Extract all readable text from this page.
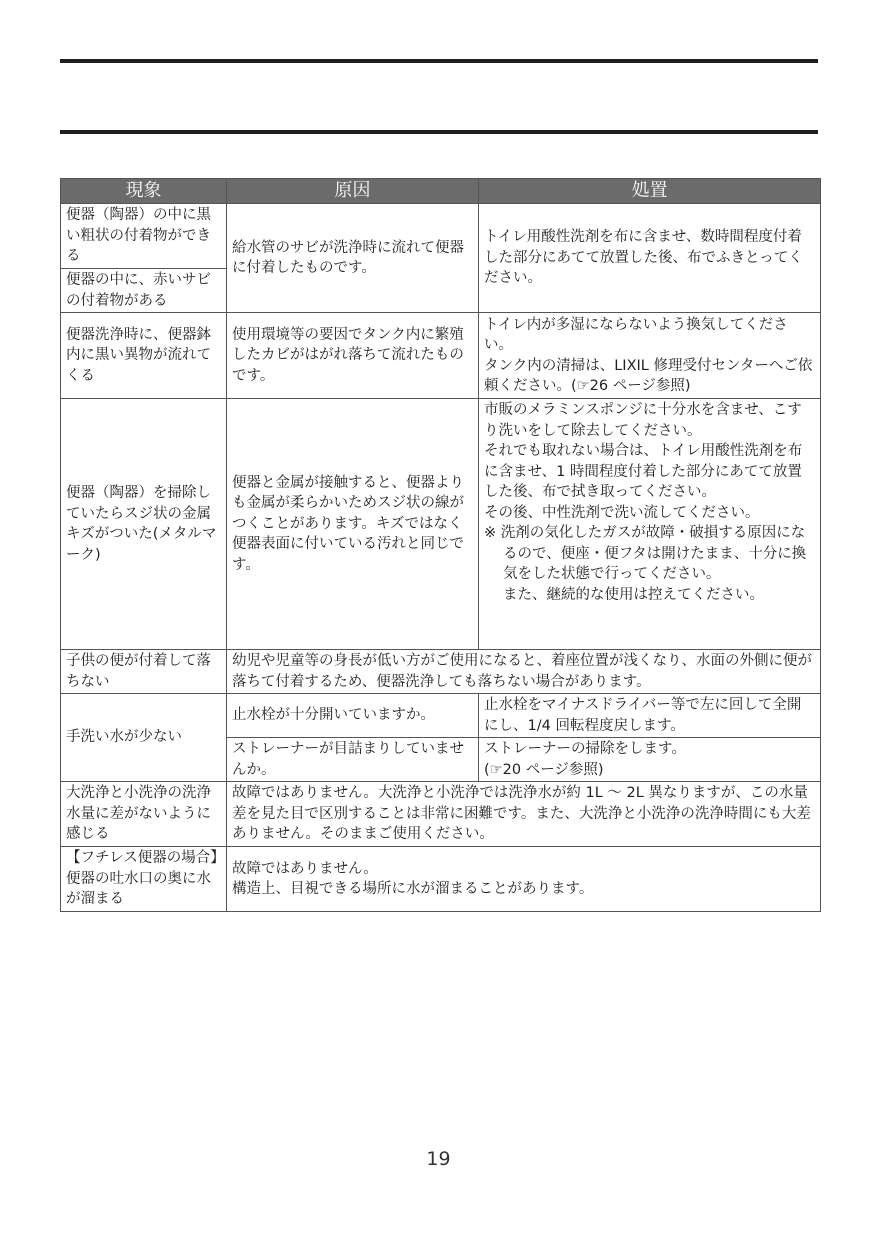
現象	原因	処置
便器（陶器）の中に黒い粗状の付着物ができる	給水管のサビが洗浄時に流れて便器に付着したものです。	トイレ用酸性洗剤を布に含ませ、数時間程度付着した部分にあてて放置した後、布でふきとってください。
便器の中に、赤いサビの付着物がある		
便器洗浄時に、便器鉢内に黒い異物が流れてくる	使用環境等の要因でタンク内に繁殖したカビがはがれ落ちて流れたものです。	トイレ内が多湿にならないよう換気してください。
タンク内の清掃は、LIXIL 修理受付センターへご依頼ください。(☞26 ページ参照)

便器（陶器）を掃除していたらスジ状の金属キズがついた(メタルマーク)	便器と金属が接触すると、便器よりも金属が柔らかいためスジ状の線がつくことがあります。キズではなく便器表面に付いている汚れと同じです。	市販のメラミンスポンジに十分水を含ませ、こすり洗いをして除去してください。
それでも取れない場合は、トイレ用酸性洗剤を布に含ませ、1 時間程度付着した部分にあてて放置した後、布で拭き取ってください。
その後、中性洗剤で洗い流してください。
※ 洗剤の気化したガスが故障・破損する原因になるので、便座・便フタは開けたまま、十分に換気をした状態で行ってください。
また、継続的な使用は控えてください。

子供の便が付着して落ちない	幼児や児童等の身長が低い方がご使用になると、着座位置が浅くなり、水面の外側に便が落ちて付着するため、便器洗浄しても落ちない場合があります。	
手洗い水が少ない	止水栓が十分開いていますか。	止水栓をマイナスドライバー等で左に回して全開にし、1/4 回転程度戻します。
	ストレーナーが目詰まりしていませんか。	ストレーナーの掃除をします。
(☞20 ページ参照)

大洗浄と小洗浄の洗浄水量に差がないように感じる	故障ではありません。大洗浄と小洗浄では洗浄水が約 1L ～ 2L 異なりますが、この水量差を見た目で区別することは非常に困難です。また、大洗浄と小洗浄の洗浄時間にも大差ありません。そのままご使用ください。	

【フチレス便器の場合】
便器の吐水口の奥に水が溜まる	故障ではありません。
構造上、目視できる場所に水が溜まることがあります。	
19
